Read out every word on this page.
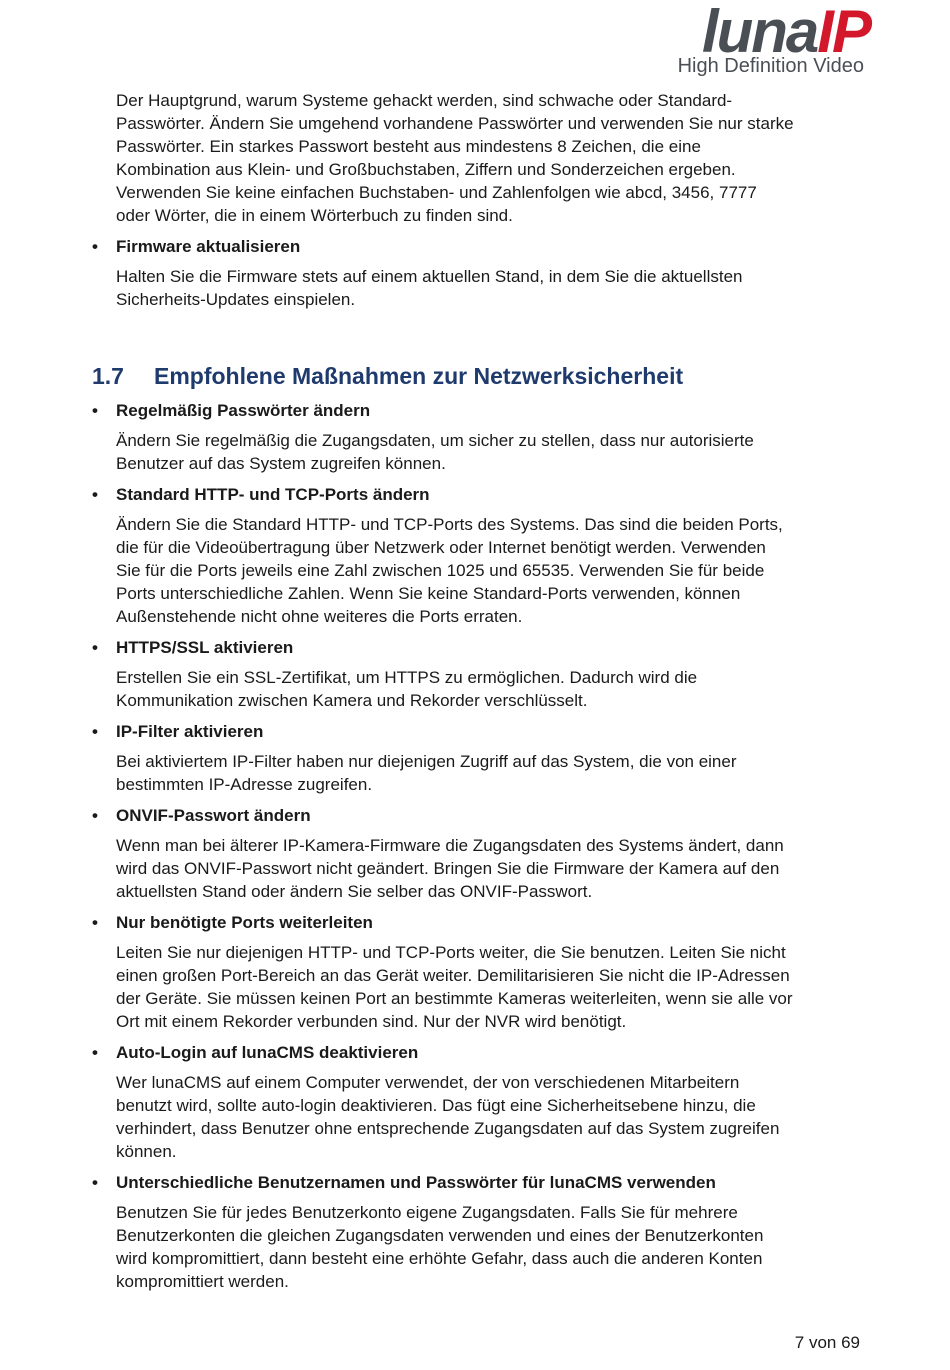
lunaIP
High Definition Video

Der Hauptgrund, warum Systeme gehackt werden, sind schwache oder Standard-

Passwörter. Ändern Sie umgehend vorhandene Passwörter und verwenden Sie nur starke

Passwörter. Ein starkes Passwort besteht aus mindestens 8 Zeichen, die eine

Kombination aus Klein- und Großbuchstaben, Ziffern und Sonderzeichen ergeben.

Verwenden Sie keine einfachen Buchstaben- und Zahlenfolgen wie abcd, 3456, 7777

oder Wörter, die in einem Wörterbuch zu finden sind.

• Firmware aktualisieren

Halten Sie die Firmware stets auf einem aktuellen Stand, in dem Sie die aktuellsten

Sicherheits-Updates einspielen.

1.7 Empfohlene Maßnahmen zur Netzwerksicherheit
• Regelmäßig Passwörter ändern

Ändern Sie regelmäßig die Zugangsdaten, um sicher zu stellen, dass nur autorisierte

Benutzer auf das System zugreifen können.

• Standard HTTP- und TCP-Ports ändern

Ändern Sie die Standard HTTP- und TCP-Ports des Systems. Das sind die beiden Ports,

die für die Videoübertragung über Netzwerk oder Internet benötigt werden. Verwenden

Sie für die Ports jeweils eine Zahl zwischen 1025 und 65535. Verwenden Sie für beide

Ports unterschiedliche Zahlen. Wenn Sie keine Standard-Ports verwenden, können

Außenstehende nicht ohne weiteres die Ports erraten.

• HTTPS/SSL aktivieren

Erstellen Sie ein SSL-Zertifikat, um HTTPS zu ermöglichen. Dadurch wird die

Kommunikation zwischen Kamera und Rekorder verschlüsselt.

• IP-Filter aktivieren

Bei aktiviertem IP-Filter haben nur diejenigen Zugriff auf das System, die von einer

bestimmten IP-Adresse zugreifen.

• ONVIF-Passwort ändern

Wenn man bei älterer IP-Kamera-Firmware die Zugangsdaten des Systems ändert, dann

wird das ONVIF-Passwort nicht geändert. Bringen Sie die Firmware der Kamera auf den

aktuellsten Stand oder ändern Sie selber das ONVIF-Passwort.

• Nur benötigte Ports weiterleiten

Leiten Sie nur diejenigen HTTP- und TCP-Ports weiter, die Sie benutzen. Leiten Sie nicht

einen großen Port-Bereich an das Gerät weiter. Demilitarisieren Sie nicht die IP-Adressen

der Geräte. Sie müssen keinen Port an bestimmte Kameras weiterleiten, wenn sie alle vor

Ort mit einem Rekorder verbunden sind. Nur der NVR wird benötigt.

• Auto-Login auf lunaCMS deaktivieren

Wer lunaCMS auf einem Computer verwendet, der von verschiedenen Mitarbeitern

benutzt wird, sollte auto-login deaktivieren. Das fügt eine Sicherheitsebene hinzu, die

verhindert, dass Benutzer ohne entsprechende Zugangsdaten auf das System zugreifen

können.

• Unterschiedliche Benutzernamen und Passwörter für lunaCMS verwenden

Benutzen Sie für jedes Benutzerkonto eigene Zugangsdaten. Falls Sie für mehrere

Benutzerkonten die gleichen Zugangsdaten verwenden und eines der Benutzerkonten

wird kompromittiert, dann besteht eine erhöhte Gefahr, dass auch die anderen Konten

kompromittiert werden.

7 von 69
